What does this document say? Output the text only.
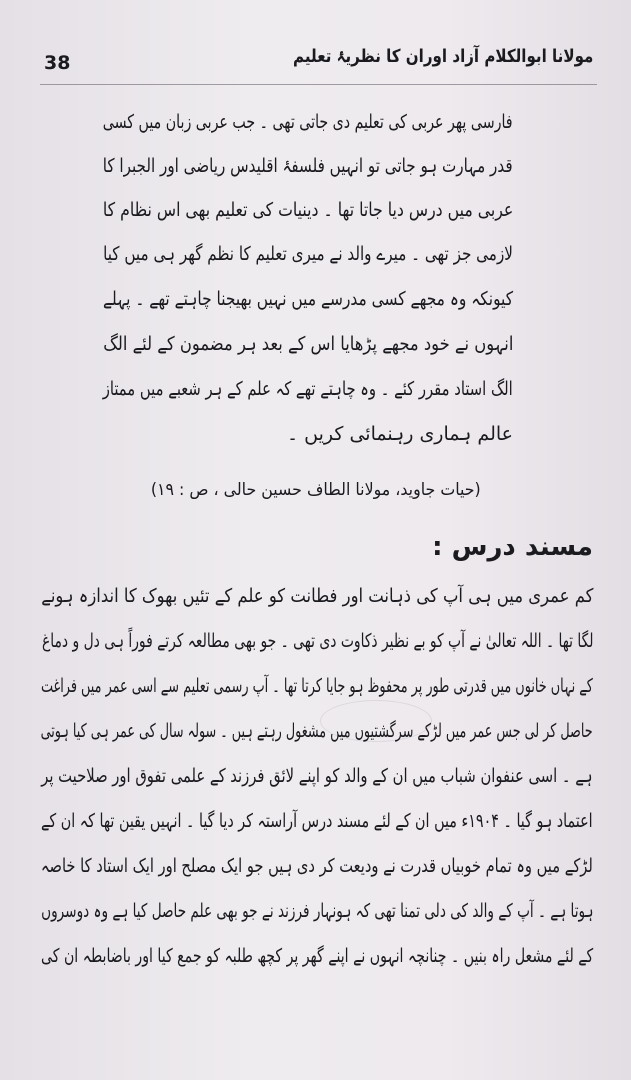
38	مولانا ابوالکلام آزاد اوران کا نظریۂ تعلیم
فارسی پھر عربی کی تعلیم دی جاتی تھی ۔ جب عربی زبان میں کسی
قدر مہارت ہو جاتی تو انہیں فلسفۂ اقلیدس ریاضی اور الجبرا کا
عربی میں درس دیا جاتا تھا ۔ دینیات کی تعلیم بھی اس نظام کا
لازمی جز تھی ۔ میرے والد نے میری تعلیم کا نظم گھر ہی میں کیا
کیونکہ وہ مجھے کسی مدرسے میں نہیں بھیجنا چاہتے تھے ۔ پہلے
انہوں نے خود مجھے پڑھایا اس کے بعد ہر مضمون کے لئے الگ
الگ استاد مقرر کئے ۔ وہ چاہتے تھے کہ علم کے ہر شعبے میں ممتاز
عالم ہماری رہنمائی کریں ۔
(حیات جاوید، مولانا الطاف حسین حالی ، ص : ۱۹)
مسند درس :
کم عمری میں ہی آپ کی ذہانت اور فطانت کو علم کے تئیں بھوک کا اندازہ ہونے
لگا تھا ۔ اللہ تعالیٰ نے آپ کو بے نظیر ذکاوت دی تھی ۔ جو بھی مطالعہ کرتے فوراً ہی دل و دماغ
کے نہاں خانوں میں قدرتی طور پر محفوظ ہو جایا کرتا تھا ۔ آپ رسمی تعلیم سے اسی عمر میں فراغت
حاصل کر لی جس عمر میں لڑکے سرگشتیوں میں مشغول رہتے ہیں ۔ سولہ سال کی عمر ہی کیا ہوتی
ہے ۔ اسی عنفوان شباب میں ان کے والد کو اپنے لائق فرزند کے علمی تفوق اور صلاحیت پر
اعتماد ہو گیا ۔ ۱۹۰۴ء میں ان کے لئے مسند درس آراستہ کر دیا گیا ۔ انہیں یقین تھا کہ ان کے
لڑکے میں وہ تمام خوبیاں قدرت نے ودیعت کر دی ہیں جو ایک مصلح اور ایک استاد کا خاصہ
ہوتا ہے ۔ آپ کے والد کی دلی تمنا تھی کہ ہونہار فرزند نے جو بھی علم حاصل کیا ہے وہ دوسروں
کے لئے مشعل راہ بنیں ۔ چنانچہ انہوں نے اپنے گھر پر کچھ طلبہ کو جمع کیا اور باضابطہ ان کی
